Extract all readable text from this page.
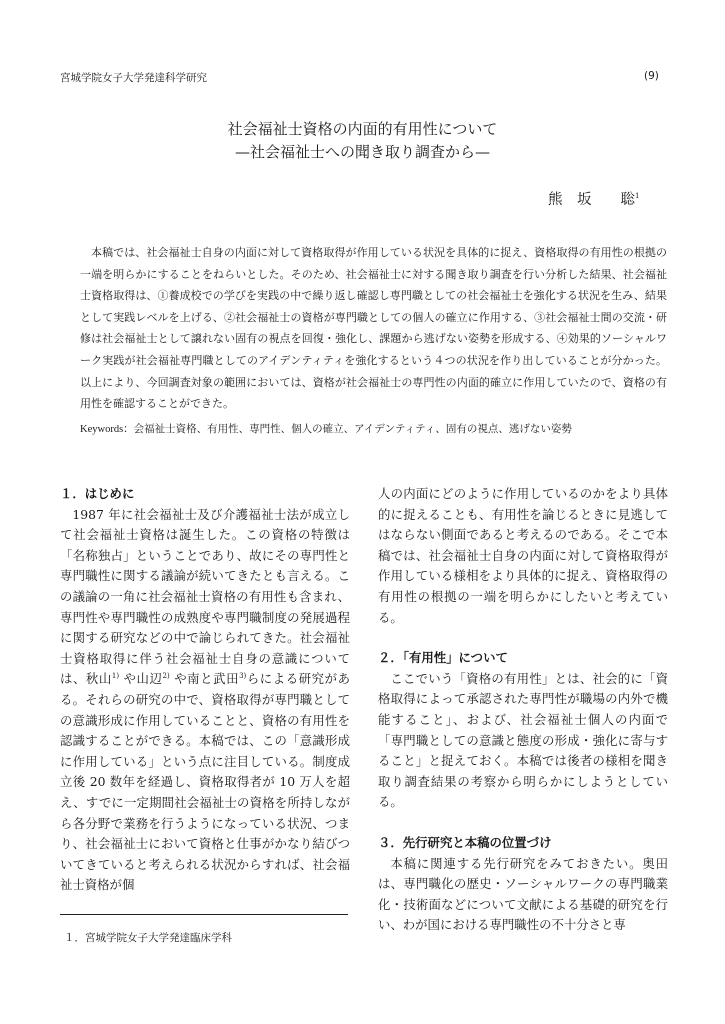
宮城学院女子大学発達科学研究	(9)
社会福祉士資格の内面的有用性について
—社会福祉士への聞き取り調査から—
熊　坂　　聡$^1$

本稿では、社会福祉士自身の内面に対して資格取得が作用している状況を具体的に捉え、資格取得の有用性の根拠の一端を明らかにすることをねらいとした。そのため、社会福祉士に対する聞き取り調査を行い分析した結果、社会福祉士資格取得は、①養成校での学びを実践の中で繰り返し確認し専門職としての社会福祉士を強化する状況を生み、結果として実践レベルを上げる、②社会福祉士の資格が専門職としての個人の確立に作用する、③社会福祉士間の交流・研修は社会福祉士として譲れない固有の視点を回復・強化し、課題から逃げない姿勢を形成する、④効果的ソーシャルワーク実践が社会福祉専門職としてのアイデンティティを強化するという４つの状況を作り出していることが分かった。以上により、今回調査対象の範囲においては、資格が社会福祉士の専門性の内面的確立に作用していたので、資格の有用性を確認することができた。

Keywords：会福祉士資格、有用性、専門性、個人の確立、アイデンティティ、固有の視点、逃げない姿勢

１．はじめに

1987 年に社会福祉士及び介護福祉士法が成立して社会福祉士資格は誕生した。この資格の特徴は「名称独占」ということであり、故にその専門性と専門職性に関する議論が続いてきたとも言える。この議論の一角に社会福祉士資格の有用性も含まれ、専門性や専門職性の成熟度や専門職制度の発展過程に関する研究などの中で論じられてきた。社会福祉士資格取得に伴う社会福祉士自身の意識については、秋山$^{1)}$ や山辺$^{2)}$ や南と武田$^{3)}$らによる研究がある。それらの研究の中で、資格取得が専門職としての意識形成に作用していることと、資格の有用性を認識することができる。本稿では、この「意識形成に作用している」という点に注目している。制度成立後 20 数年を経過し、資格取得者が 10 万人を超え、すでに一定期間社会福祉士の資格を所持しながら各分野で業務を行うようになっている状況、つまり、社会福祉士において資格と仕事がかなり結びついてきていると考えられる状況からすれば、社会福祉士資格が個

人の内面にどのように作用しているのかをより具体的に捉えることも、有用性を論じるときに見逃してはならない側面であると考えるのである。そこで本稿では、社会福祉士自身の内面に対して資格取得が作用している様相をより具体的に捉え、資格取得の有用性の根拠の一端を明らかにしたいと考えている。

２．「有用性」について

ここでいう「資格の有用性」とは、社会的に「資格取得によって承認された専門性が職場の内外で機能すること」、および、社会福祉士個人の内面で「専門職としての意識と態度の形成・強化に寄与すること」と捉えておく。本稿では後者の様相を聞き取り調査結果の考察から明らかにしようとしている。

３．先行研究と本稿の位置づけ

本稿に関連する先行研究をみておきたい。奥田は、専門職化の歴史・ソーシャルワークの専門職業化・技術面などについて文献による基礎的研究を行い、わが国における専門職性の不十分さと専

１．宮城学院女子大学発達臨床学科
